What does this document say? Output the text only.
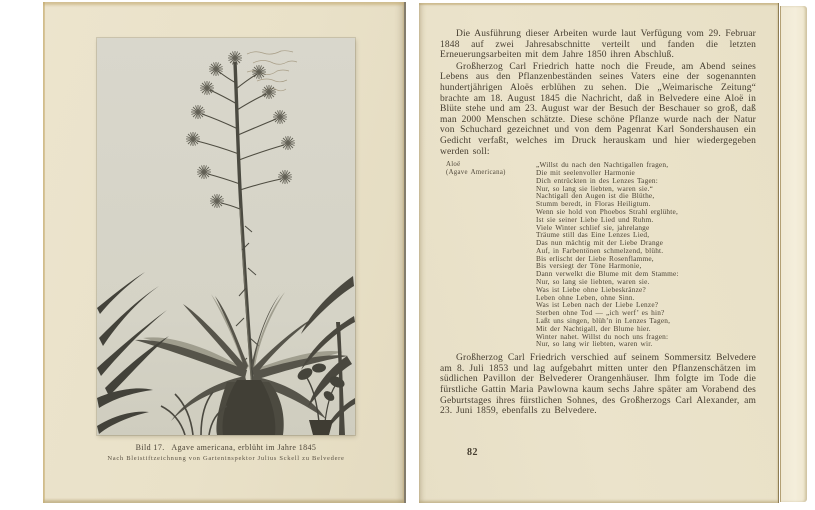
Bild 17.   Agave americana, erblüht im Jahre 1845
Nach Bleistiftzeichnung von Garteninspektor Julius Sckell zu Belvedere

Die Ausführung dieser Arbeiten wurde laut Verfügung vom 29. Februar 1848 auf zwei Jahresabschnitte verteilt und fanden die letzten Erneuerungsarbeiten mit dem Jahre 1850 ihren Abschluß.

Großherzog Carl Friedrich hatte noch die Freude, am Abend seines Lebens aus den Pflanzenbeständen seines Vaters eine der sogenannten hundertjährigen Aloës erblühen zu sehen. Die „Weimarische Zeitung“ brachte am 18. August 1845 die Nachricht, daß in Belvedere eine Aloë in Blüte stehe und am 23. August war der Besuch der Beschauer so groß, daß man 2000 Menschen schätzte. Diese schöne Pflanze wurde nach der Natur von Schuchard gezeichnet und von dem Pagenrat Karl Sondershausen ein Gedicht verfaßt, welches im Druck herauskam und hier wiedergegeben werden soll:

Aloë
(Agave Americana)
„Willst du nach den Nachtigallen fragen,
Die mit seelenvoller Harmonie
Dich entrückten in des Lenzes Tagen:
Nur, so lang sie liebten, waren sie.“
Nachtigall den Augen ist die Blüthe,
Stumm beredt, in Floras Heiligtum.
Wenn sie hold von Phoebos Strahl erglühte,
Ist sie seiner Liebe Lied und Ruhm.
Viele Winter schlief sie, jahrelange
Träume still das Eine Lenzes Lied,
Das nun mächtig mit der Liebe Drange
Auf, in Farbentönen schmelzend, blüht.
Bis erlischt der Liebe Rosenflamme,
Bis versiegt der Töne Harmonie,
Dann verwelkt die Blume mit dem Stamme:
Nur, so lang sie liebten, waren sie.
Was ist Liebe ohne Liebeskränze?
Leben ohne Leben, ohne Sinn.
Was ist Leben nach der Liebe Lenze?
Sterben ohne Tod — „ich werf’ es hin?
Laßt uns singen, blüh’n in Lenzes Tagen,
Mit der Nachtigall, der Blume hier.
Winter nahet. Willst du noch uns fragen:
Nur, so lang wir liebten, waren wir.

Großherzog Carl Friedrich verschied auf seinem Sommersitz Belvedere am 8. Juli 1853 und lag aufgebahrt mitten unter den Pflanzenschätzen im südlichen Pavillon der Belvederer Orangenhäuser. Ihm folgte im Tode die fürstliche Gattin Maria Pawlowna kaum sechs Jahre später am Vorabend des Geburtstages ihres fürstlichen Sohnes, des Großherzogs Carl Alexander, am 23. Juni 1859, ebenfalls zu Belvedere.

82
